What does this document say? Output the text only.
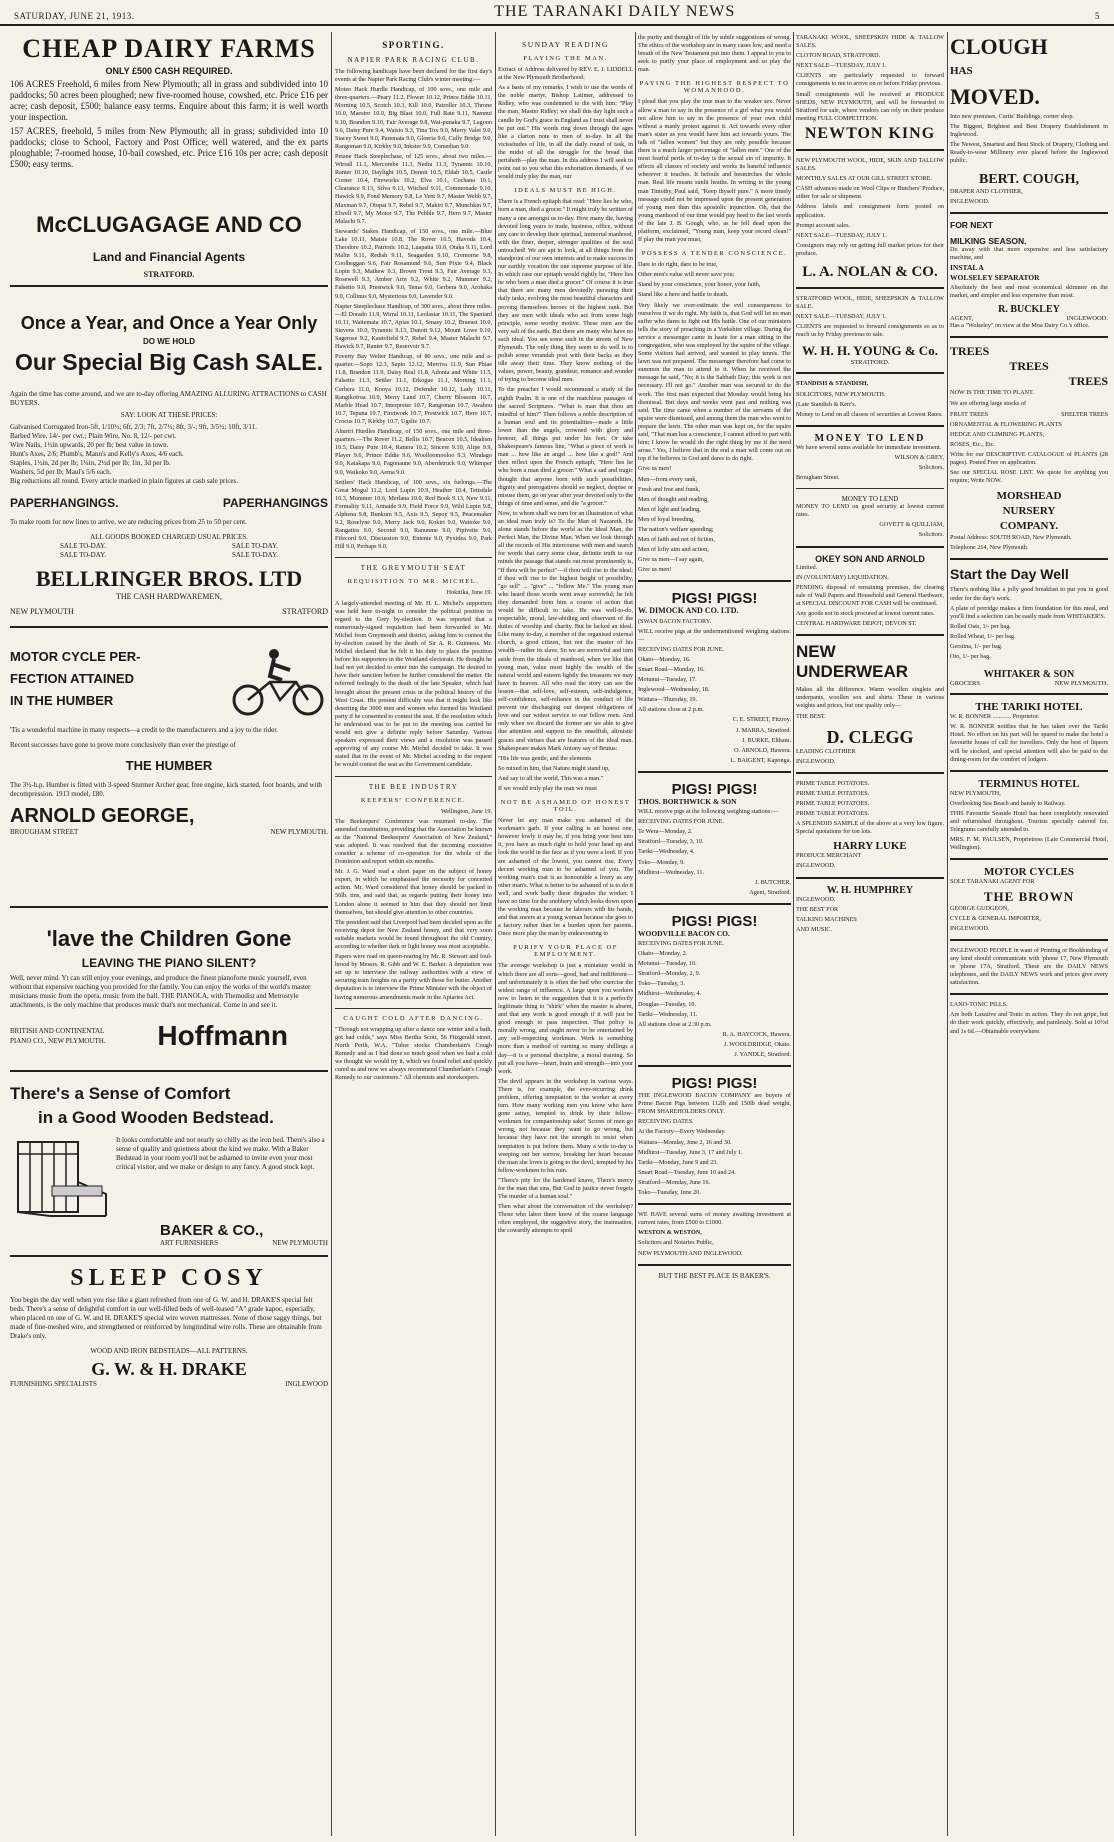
SATURDAY, JUNE 21, 1913.	THE TARANAKI DAILY NEWS	5
CHEAP DAIRY FARMS
ONLY £500 CASH REQUIRED.

106 ACRES Freehold, 6 miles from New Plymouth; all in grass and subdivided into 10 paddocks; 50 acres been ploughed; new five-roomed house, cowshed, etc. Price £16 per acre; cash deposit, £500; balance easy terms. Enquire about this farm; it is well worth your inspection.

157 ACRES, freehold, 5 miles from New Plymouth; all in grass; subdivided into 10 paddocks; close to School, Factory and Post Office; well watered, and the ex parts ploughable; 7-roomed house, 10-bail cowshed, etc. Price £16 10s per acre; cash deposit £500; easy terms.

McCLUGAGAGE AND CO
Land and Financial Agents
STRATFORD.
Once a Year, and Once a Year Only
DO WE HOLD
Our Special Big Cash SALE.

Again the time has come around, and we are to-day offering AMAZING ALLURING ATTRACTIONS to CASH BUYERS.

SAY: LOOK AT THESE PRICES:

Galvanised Corrugated Iron-5ft, 1/10½; 6ft, 2/3; 7ft, 2/7½; 8ft, 3/-; 9ft, 3/5½; 10ft, 3/11.

Barbed Wire, 14/- per cwt.; Plain Wire, No. 8, 12/- per cwt.

Wire Nails, 1½in upwards, 20 per lb; best value in town.

Hunt's Axes, 2/6; Plumb's, Mann's and Kelly's Axes, 4/6 each.

Staples, 1½in, 2d per lb; 1¼in, 2½d per lb; 1in, 3d per lb.

Washers, 5d per lb; Maul's 5/6 each.

Big reductions all round. Every article marked in plain figures at cash sale prices.

PAPERHANGINGS.	PAPERHANGINGS

To make room for new lines to arrive, we are reducing prices from 25 to 50 per cent.

ALL GOODS BOOKED CHARGED USUAL PRICES.
SALE TO-DAY.	SALE TO-DAY.
SALE TO-DAY.	SALE TO-DAY.
BELLRINGER BROS. LTD
THE CASH HARDWAREMEN,
NEW PLYMOUTH	STRATFORD
MOTOR CYCLE PER-
FECTION ATTAINED
IN THE HUMBER

'Tis a wonderful machine in many respects—a credit to the manufacturers and a joy to the rider.

Recent successes have gone to prove more conclusively than ever the prestige of

THE HUMBER

The 3½-h.p. Humber is fitted with 3-speed Sturmer Archer gear, free engine, kick started, foot boards, and with decompression. 1913 model, £80.

ARNOLD GEORGE,
BROUGHAM STREET	NEW PLYMOUTH.
'lave the Children Gone
LEAVING THE PIANO SILENT?

Well, never mind. Yt can still enjoy your evenings, and produce the finest pianoforte music yourself, even without that expensive teaching you provided for the family. You can enjoy the works of the world's master musicians music from the opera, music from the hall. THE PIANOLA, with Themodist and Metrostyle attachments, is the only machine that produces music that's not mechanical. Come in and see it.

BRITISH AND CONTINENTAL
PIANO CO., NEW PLYMOUTH. Hoffmann
There's a Sense of Comfort
in a Good Wooden Bedstead.

It looks comfortable and not nearly so chilly as the iron bed. There's also a sense of quality and quietness about the kind we make. With a Baker Bedstead in your room you'll not be ashamed to invite even your most critical visitor, and we make or design to any fancy. A good stock kept.

BAKER & CO.,
ART FURNISHERS	NEW PLYMOUTH
SLEEP COSY

You begin the day well when you rise like a giant refreshed from one of G. W. and H. DRAKE'S special felt beds. There's a sense of delightful comfort in our well-filled beds of well-teased "A" grade kapoc, especially, when placed on one of G. W. and H. DRAKE'S special wire woven mattresses. None of those saggy things, but made of fine-meshed wire, and strengthened or reinforced by longitudinal wire rolls. These are obtainable from Drake's only.

WOOD AND IRON BEDSTEADS—ALL PATTERNS.
G. W. & H. DRAKE
FURNISHING SPECIALISTS	INGLEWOOD
SPORTING.
NAPIER PARK RACING CLUB.

The following handicaps have been declared for the first day's events at the Napier Park Racing Club's winter meeting:—

Moteo Hack Hurdle Handicap, of 100 sovs., one mile and three-quarters.—Peary 11.2, Flower 10.12, Prince Eddie 10.11, Morning 10.5, Scotch 10.3, Kill 10.0, Patroller 10.3, Throne 10.0, Maestro 10.0, Big Blast 10.0, Full Rate 9.11, Namnui 9.10, Brandon 9.10, Fair Average 9.8, Wai-punaka 9.7, Lagoon 9.6, Daisy Pure 9.4, Waisio 9.3, Tina Tox 9.0, Merry Valet 9.0, Stacey Sweet 9.0, Paremata 9.0, Gloeria 9.0, Cully Bridge 9.0, Rangoman 9.0, Kirkby 9.0, Inkster 9.0, Comedian 9.0.

Petane Hack Steeplechase, of 125 sovs., about two miles.—Wirrall 11.1, Mercombe 11.3, Nedra 11.3, Tyrannic 10.10, Ranter 10.10, Daylight 10.5, Dennit 10.5, Eldah 10.5, Castle Corner 10.4, Fireworks 10.2, Elva 10.1, Cochana 10.1, Clearance 9.13, Silva 9.13, Witched 9.11, Commonade 9.10, Hawick 9.9, Fond Memory 9.8, Le Vent 9.7, Master Webb 9.7, Maxman 9.7, Otopai 9.7, Rebel 9.7, Makiri 9.7, Munchkin 9.7, Elwell 9.7, My Motor 9.7, The Pebble 9.7, Hero 9.7, Master Malachi 9.7.

Stewards' Stakes Handicap, of 150 sovs., one mile.—Blue Lake 10.11, Maisie 10.8, The Rover 10.5, Havoda 10.4, Theodore 10.2, Patriotic 10.2, Luapaiia 10.0, Otaka 9.11, Lord Malin 9.11, Redish 9.11, Seagarden 9.10, Cremorne 9.8, Coolbeggan 9.6, Fair Rosamund 9.6, Sun Pixie 9.4, Black Lopin 9.3, Mathew 9.3, Brown Trout 9.3, Fair Average 9.3, Rosewell 9.3, Amber Arm 9.2, White 9.2, Mummer 9.2, Falsetto 9.0, Prestwick 9.0, Tema 9.0, Gerbera 9.0, Arohaka 9.0, Collinus 9.0, Mysterious 9.0, Lavender 9.0.

Napier Steeplechase Handicap, of 300 sovs., about three miles.—El Dorado 11.9, Wirral 10.11, Leolastar 10.11, The Spaniard 10.11, Waitemata 10.7, Apias 10.1, Smasy 10.2, Braeust 10.0, Stevens 10.0, Tyrannic 9.13, Dunott 9.12, Mount Lowe 9.10, Sagerose 9.2, Kautofield 9.7, Rebel 9.4, Master Malachi 9.7, Hawick 9.7, Ranter 9.7, Reservoir 9.7.

Poverty Bay Welter Handicap, of 80 sovs., one mile and a-quarter.—Sopo 12.3, Sapio 12.12, Merriva 11.9, Sun Phiae 11.8, Brandon 11.9, Daisy Real 11.8, Adonia and White 11.5, Falsetto 11.3, Settler 11.1, Erkogue 11.1, Morning 11.1, Cerbera 11.0, Kooya 10.12, Defender 10.12, Lady 10.11, Rangikoiroa 10.9, Merry Land 10.7, Cherry Blossom 10.7, Marble Head 10.7, Interpreter 10.7, Rangoman 10.7, Awahou 10.7, Tepuna 10.7, Firetwork 10.7, Prestwick 10.7, Hero 10.7, Crocus 10.7, Kirkby 10.7, Ugslie 10.7.

Ahuriri Hurdles Handicap, of 150 sovs., one mile and three-quarters.—The Rover 11.2, Bellis 10.7, Beacon 10.5, Idealism 10.5, Daisy Pure 10.4, Ranera 10.2, Sincere 9.10, Alipe 9.9, Player 9.6, Prince Eddie 9.6, Woolloomooloo 9.3, Windago 9.0, Kaiakapa 9.0, Fagonaune 9.0, Aberdstruck 9.0, Whimper 9.0, Waikoko 9.0, Aema 9.0.

Settlers' Hack Handicap, of 100 sovs., six furlongs.—The Great Mogul 11.2, Lord Lupin 10.9, Heather 10.4, Tetisdale 10.3, Mummer 10.6, Merlana 10.0, Red Book 9.13, New 9.11, Formality 9.11, Annaide 9.9, Field Force 9.9, Wild Lupin 9.8, Alphena 9.8, Bunkum 9.5, Axis 9.5, Sepoy 9.5, Peacemaker 9.2, Roselyne 9.0, Merry Jack 9.0, Kokiri 9.0, Waitoke 9.0, Rangatira 9.0, Second 9.0, Ranunme 9.0, Pipivette 9.0, Fifecord 9.0, Discussion 9.0, Entente 9.0, Pyxidea 9.0, Park Hill 9.0, Perhaps 9.0.

THE GREYMOUTH SEAT
REQUISITION TO MR. MICHEL.

Hokitika, June 19.

A largely-attended meeting of Mr. H. L. Michel's supporters was held here to-night to consider the political position in regard to the Grey by-election. It was reported that a numerously-signed requisition had been forwarded to Mr. Michel from Greymouth and district, asking him to contest the by-election caused by the death of Sir A. R. Guinness. Mr. Michel declared that he felt it his duty to place the position before his supporters in the Westland electorate. He thought he had not yet decided to enter into the campaign. He desired to have their sanction before he further considered the matter. He referred feelingly to the death of the late Speaker, which had brought about the present crisis in the political history of the West Coast. His present difficulty was that it might look like deserting the 3000 men and women who formed his Westland party if he consented to contest the seat. If the resolution which he understood was to be put to the meeting was carried he would not give a definite reply before Saturday. Various speakers expressed their views and a resolution was passed approving of any course Mr. Michel decided to take. It was stated that in the event of Mr. Michel acceding to the request he would contest the seat as the Government candidate.

THE BEE INDUSTRY
KEEPERS' CONFERENCE.

Wellington, June 19.

The Beekeepers' Conference was resumed to-day. The amended constitution, providing that the Association be known as the "National Beekeepers' Association of New Zealand," was adopted. It was resolved that the incoming executive consider a scheme of co-operation for the whole of the Dominion and report within six months.

Mr. J. G. Ward read a short paper on the subject of honey export, in which he emphasised the necessity for concerted action. Mr. Ward considered that honey should be packed in 56lb. tins, and said that, as regards putting their honey into London alone it seemed to him that they should not limit themselves, but should give attention to other countries.

The president said that Liverpool had been decided upon as the receiving depot for New Zealand honey, and that very soon suitable markets would be found throughout the old Country, according to whether dark or light honey was most acceptable.

Papers were read on queen-rearing by Mr. R. Stewart and foul-brood by Messrs. R. Gibb and W. E. Barker. A deputation was set up to interview the railway authorities with a view of securing train freights on a parity with those for butter. Another deputation is to interview the Prime Minister with the object of having numerous amendments made in the Apiaries Act.

CAUGHT COLD AFTER DANCING.

"Through not wrapping up after a dance one winter and a bath, got bad colds," says Miss Bertha Scott, 56 Fitzgerald street, North Perth, W.A. "Tuber stocks Chamberlain's Cough Remedy and as I had done so much good when we had a cold we thought we would try it, which we found relief and quickly cured us and now we always recommend Chamberlain's Cough Remedy to our customers." All chemists and storekeepers.

SUNDAY READING
PLAYING THE MAN.

Extract of Address delivered by REV. E. J. LIDDELL at the New Plymouth Brotherhood.

As a basis of my remarks, I wish to use the words of the noble martyr, Bishop Latimer, addressed to Ridley, who was condemned to die with him: "Play the man, Master Ridley; we shall this day light such a candle by God's grace in England as I trust shall never be put out." His words ring down through the ages like a clarion note to men of to-day. In all the vicissitudes of life, in all the daily round of task, in the midst of all the struggle for the bread that perisheth—play the man. In this address I will seek to point out to you what this exhortation demands, if we would truly play the man, our

IDEALS MUST BE HIGH.

There is a French epitaph that read: "Here lies he who, born a man, died a grocer." It might truly be written of many a one amongst us to-day. How many die, having devoted long years to trade, business, office, without any care to develop their spiritual, immortal manhood, with the finer, deeper, stronger qualities of the soul untouched! We are apt to look, at all things from the standpoint of our own interests and to make success in our earthly vocation the one supreme purpose of life. In which case our epitaph would rightly be, "Here lies he who born a man died a grocer." Of course it is true that there are many men devotedly pursuing their daily tasks, evolving the most beautiful characters and proving themselves heroes of the highest rank. But they are men with ideals who act from some high principle, some worthy motive. These men are the very salt of the earth. But there are many who have no such ideal. You see some such in the streets of New Plymouth. The only thing they seem to do well is to polish some verandah post with their backs as they idle away their time. They know nothing of the values, power, beauty, grandeur, romance and wonder of trying to become ideal men.

To the preacher I would recommend a study of the eighth Psalm. It is one of the matchless passages of the sacred Scriptures. "What is man that thou art mindful of him?" Then follows a noble description of a human soul and its potentialities—made a little lower than the angels, crowned with glory and honour, all things put under his feet. Or take Shakespeare's famous line, "What a piece of work is man ... how like an angel ... how like a god!" And then reflect upon the French epitaph, "Here lies he who born a man died a grocer." What a sad and tragic thought that anyone born with such possibilities, dignity and prerogatives should so neglect, despise or misuse them, go on year after year devoted only to the things of time and sense, and die "a grocer."

Now, to whom shall we turn for an illustration of what an ideal man truly is? To the Man of Nazareth. He alone stands before the world as the Ideal Man, the Perfect Man, the Divine Man. When we look through all the records of His intercourse with men and search for words that carry some clear, definite truth to our minds the passage that stands out most prominently is, "If thou wilt be perfect"—if thou wilt rise to the ideal; if thou wilt rise to the highest height of possibility, "go sell" ... "give" ... "follow Me." The young man who heard those words went away sorrowful; he felt they demanded from him a course of action that would be difficult to take. He was well-to-do, respectable, moral, law-abiding and observant of the duties of worship and charity. But he lacked an ideal. Like many to-day, a member of the organised external church, a good citizen, but not the master of his wealth—rather its slave. So we are sorrowful and turn aside from the ideals of manhood, when we like that young man, value most highly the wealth of the natural world and esteem lightly the treasures we may have in heaven. All who read the story can see the lesson—that self-love, self-esteem, self-indulgence, self-confidence, self-reliance in the conduct of life prevent our discharging our deepest obligations of love and our widest service to our fellow men. And only when we discard the former are we able to give due attention and support to the unselfish, altruistic graces and virtues that are features of the ideal man. Shakespeare makes Mark Antony say of Brutus:

"His life was gentle, and the elements

So mixed in him, that Nature might stand up,

And say to all the world, This was a man."

If we would truly play the man we must

NOT BE ASHAMED OF HONEST TOIL.

Never let any man make you ashamed of the workman's garb. If your calling is an honest one, however lowly it may be, if you bring your best into it, you have as much right to hold your head up and look the world in the face as if you were a lord. If you are ashamed of the lowest, you cannot rise. Every decent working man to be ashamed of you. The working man's coat is as honourable a livery as any other man's. What is better to be ashamed of is to do it well, and work badly these degrades the worker. I have no time for the snobbery which looks down upon the working man because he labours with his hands, and that sneers at a young woman because she goes to a factory rather than be a burden upon her parents. Once more play the man by endeavouring to

PURIFY YOUR PLACE OF EMPLOYMENT.

The average workshop is just a miniature world in which there are all sorts—good, bad and indifferent—and unfortunately it is often the bad who exercise the widest range of influence. A large upon you workers now to listen to the suggestion that it is a perfectly legitimate thing to "shirk" when the master is absent, and that any work is good enough if it will just be good enough to pass inspection. That policy is morally wrong, and ought never to be entertained by any self-respecting workman. Work is something more than a method of earning so many shillings a day—it is a personal discipline, a moral training. So put all you have—heart, brain and strength—into your work.

The devil appears in the workshop in various ways. There is, for example, the ever-recurring drink problem, offering temptation to the worker at every turn. How many working men you know who have gone astray, tempted to drink by their fellow-workmen for companionship sake! Scores of men go wrong, not because they want to go wrong, but because they have not the strength to resist when temptation is put before them. Many a wife to-day is weeping out her sorrow, breaking her heart because the man she loves is going to the devil, tempted by his fellow-workmen to his ruin.

"There's pity for the hardened knave, There's mercy for the man that sins, But God in justice never forgets The murder of a human soul."

Then what about the conversation of the workshop? Those who labor there know of the coarse language often employed, the suggestive story, the insinuation, the cowardly attempts to spoil

the purity and thought of life by subtle suggestions of wrong. The ethics of the workshop are in many cases low, and need a breath of the New Testament put into them. I appeal to you to seek to purify your place of employment and so play the man.

PAYING THE HIGHEST RESPECT TO WOMANHOOD.

I plead that you play the true man to the weaker sex. Never allow a man to say in the presence of a girl what you would not allow him to say in the presence of your own child without a manly protest against it. Act towards every other man's sister as you would have him act towards yours. The talk of "fallen women" but they are only possible because there is a much larger percentage of "fallen men." One of the most fearful perils of to-day is the sexual sin of impurity. It affects all classes of society and works its baneful influence wherever it touches. It befouls and besmirches the whole man. Real life means sunlit heaths. In writing to the young man Timothy, Paul said, "Keep thyself pure." A more timely message could not be impressed upon the present generation of young men than this apostolic injunction. Oh, that the young manhood of our time would pay heed to the last words of the late J. B. Gough, who, as he fell dead upon the platform, exclaimed, "Young man, keep your record clean!" If play the man you must,

POSSESS A TENDER CONSCIENCE.

Dare to do right, dare to be true,

Other men's value will never save you;

Stand by your conscience, your honor, your faith,

Stand like a hero and battle to death.

Very likely we over-estimate the evil consequences to ourselves if we do right. My faith is, that God will let no man suffer who dares to fight out His battle. One of our ministers tells the story of preaching in a Yorkshire village. During the service a messenger came in haste for a man sitting in the congregation, who was employed by the squire of the village. Some visitors had arrived, and wanted to play tennis. The lawn was not prepared. The messenger therefore had come to summon the man to attend to it. When he received the message he said, "No; it is the Sabbath Day; this work is not necessary. I'll not go." Another man was secured to do the work. The first man expected that Monday would bring his dismissal. But days and weeks went past and nothing was said. The time came when a number of the servants of the squire were dismissed, and among them the man who went to prepare the lawn. The other man was kept on, for the squire said, "That man has a conscience; I cannot afford to part with him; I know he would do the right thing by me if the need arose." Yes, I believe that in the end a man will come out on top if he believes in God and dares to do right.

Give us men!

Men—from every rank,

Fresh and free and frank,

Men of thought and reading,

Men of light and leading,

Men of loyal breeding,

The nation's welfare speeding;

Men of faith and not of fiction,

Men of lofty aim and action,

Give us men—I say again,

Give us men!

PIGS! PIGS!

W. DIMOCK AND CO. LTD.

(SWAN BACON FACTORY.

WILL receive pigs at the undermentioned weighing stations:—

RECEIVING DATES FOR JUNE.

Okato—Monday, 16.

Smart Road—Monday, 16.

Motunui—Tuesday, 17.

Inglewood—Wednesday, 18.

Waitara—Thursday, 19.

All stations close at 2 p.m.

C. E. STREET, Fitzroy.

J. MARRA, Stratford.

J. BURKE, Eltham.

O. ARNOLD, Hawera.

L. BAIGENT, Kaponga.

PIGS! PIGS!

THOS. BORTHWICK & SON

WILL receive pigs at the following weighing stations:—

RECEIVING DATES FOR JUNE.

Te Wera—Monday, 2.

Stratford—Tuesday, 3, 10.

Tariki—Wednesday, 4.

Toko—Monday, 9.

Midhirst—Wednesday, 11.

J. BUTCHER,

Agent, Stratford.

PIGS! PIGS!

WOODVILLE BACON CO.

RECEIVING DATES FOR JUNE.

Okato—Monday, 2.

Motunui—Tuesday, 10.

Stratford—Monday, 2, 9.

Toko—Tuesday, 3.

Midhirst—Wednesday, 4.

Douglas—Tuesday, 10.

Tariki—Wednesday, 11.

All stations close at 2.30 p.m.

R. A. HAYCOCK, Hawera.

J. WOOLDRIDGE, Okato.

J. YANDLE, Stratford.

PIGS! PIGS!

THE INGLEWOOD BACON COMPANY are buyers of Prime Bacon Pigs between 112lb and 150lb dead weight, FROM SHAREHOLDERS ONLY.

RECEIVING DATES.

At the Factory—Every Wednesday.

Waitara—Monday, June 2, 16 and 30.

Midhirst—Tuesday, June 3, 17 and July 1.

Tariki—Monday, June 9 and 23.

Smart Road—Tuesday, June 10 and 24.

Stratford—Monday, June 16.

Toko—Tuesday, June 20.

WE HAVE several sums of money awaiting investment at current rates, from £500 to £1000.

WESTON & WESTON,

Solicitors and Notaries Public,

NEW PLYMOUTH AND INGLEWOOD.

BUT THE BEST PLACE IS BAKER'S.

TARANAKI WOOL, SHEEPSKIN HIDE & TALLOW SALES.

CLOTON ROAD, STRATFORD.

NEXT SALE—TUESDAY, JULY 1.

CLIENTS are particularly requested to forward consignments to me to arrive on or before Friday previous.

Small consignments will be received at PRODUCE SHEDS, NEW PLYMOUTH, and will be forwarded to Stratford for sale, where vendors can rely on their produce meeting FULL COMPETITION.

NEWTON KING

NEW PLYMOUTH WOOL, HIDE, SKIN AND TALLOW SALES.

MONTHLY SALES AT OUR GILL STREET STORE.

CASH advances made on Wool Clips or Butchers' Produce, either for sale or shipment.

Address labels and consignment form posted on application.

Prompt account sales.

NEXT SALE—TUESDAY, JULY 1.

Consignors may rely on getting full market prices for their produce.

L. A. NOLAN & CO.

STRATFORD WOOL, HIDE, SHEEPSKIN & TALLOW SALE.

NEXT SALE—TUESDAY, JULY 1.

CLIENTS are requested to forward consignments so as to reach us by Friday previous to sale.

W. H. H. YOUNG & Co.
STRATFORD.

STANDISH & STANDISH,

SOLICITORS, NEW PLYMOUTH.

(Late Standish & Kerr's.

Money to Lend on all classes of securities at Lowest Rates.

MONEY TO LEND

We have several sums available for immediate investment.

WILSON & GREY,

Solicitors.

Brougham Street.

MONEY TO LEND

MONEY TO LEND on good security at lowest current rates.

GOVETT & QUILLIAM,

Solicitors.

OKEY SON AND ARNOLD

Limited.

IN (VOLUNTARY) LIQUIDATION.

PENDING disposal of remaining premises, the clearing sale of Wall Papers and Household and General Hardware, at SPECIAL DISCOUNT FOR CASH will be continued.

Any goods not in stock procured at lowest current rates.

CENTRAL HARDWARE DEPOT, DEVON ST.

NEW
UNDERWEAR

Makes all the difference. Warm woollen singlets and underpants, woollen sox and shirts. These in various weights and prices, but one quality only—

THE BEST.

D. CLEGG

LEADING CLOTHIER

INGLEWOOD.

PRIME TABLE POTATOES.

PRIME TABLE POTATOES.

PRIME TABLE POTATOES.

PRIME TABLE POTATOES.

A SPLENDID SAMPLE of the above at a very low figure. Special quotations for ton lots.

HARRY LUKE

PRODUCE MERCHANT

INGLEWOOD.

W. H. HUMPHREY

INGLEWOOD.

THE BEST FOR

TALKING MACHINES

AND MUSIC.

CLOUGH
HAS
MOVED.

Into new premises, Curtis' Buildings, corner shop.

The Biggest, Brightest and Best Drapery Establishment in Inglewood.

The Newest, Smartest and Best Stock of Drapery, Clothing and Ready-to-wear Millinery ever placed before the Inglewood public.

BERT. COUGH,

DRAPER AND CLOTHIER,

INGLEWOOD.

FOR NEXT
MILKING SEASON.

Do away with that more expensive and less satisfactory machine, and

INSTAL A

WOLSELEY SEPARATOR

Absolutely the best and most economical skimmer on the market, and simpler and less expensive than most.

R. BUCKLEY
AGENT,	INGLEWOOD.

Has a "Wolseley" on view at the Moa Dairy Co.'s office.

TREES
TREES
TREES

NOW IS THE TIME TO PLANT.

We are offering large stocks of

FRUIT TREES	SHELTER TREES

ORNAMENTAL & FLOWERING PLANTS

HEDGE AND CLIMBING PLANTS,

ROSES, Etc., Etc.

Write for our DESCRIPTIVE CATALOGUE of PLANTS (28 pages). Posted Free on application.

See our SPECIAL ROSE LIST. We quote for anything you require; Write NOW.

MORSHEAD
NURSERY
COMPANY.

Postal Address: SOUTH ROAD, New Plymouth.

Telephone 214, New Plymouth.

Start the Day Well

There's nothing like a jolly good breakfast to put you in good order for the day's work.

A plate of porridge makes a firm foundation for this meal, and you'll find a selection can be easily made from WHITAKER'S.

Rolled Oats, 1/- per bag.

Rolled Wheat, 1/- per bag.

Gerstina, 1/- per bag.

Oto, 1/- per bag.

WHITAKER & SON
GROCERS	NEW PLYMOUTH.
THE TARIKI HOTEL

W. R. BONNER ............ Proprietor.

W. R. BONNER notifies that he has taken over the Tariki Hotel. No effort on his part will be spared to make the hotel a favourite house of call for travellers. Only the best of liquors will be stocked, and special attention will also be paid to the dining-room for the comfort of lodgers.

TERMINUS HOTEL

NEW PLYMOUTH,

Overlooking Sea Beach and handy to Railway.

THIS Favourite Seaside Hotel has been completely renovated and refurnished throughout. Tourists specially catered for. Telegrams carefully attended to.

MRS. F. M. PAULSEN, Proprietress (Late Commercial Hotel, Wellington).

MOTOR CYCLES

SOLE TARANAKI AGENT FOR

THE BROWN

GEORGE GUDGEON,

CYCLE & GENERAL IMPORTER,

INGLEWOOD.

INGLEWOOD PEOPLE in want of Printing or Bookbinding of any kind should communicate with 'phone 17, New Plymouth or 'phone 17A, Stratford. These are the DAILY NEWS telephones, and the DAILY NEWS work and prices give every satisfaction.

LANO-TONIC PILLS.

Are both Laxative and Tonic in action. They do not gripe, but do their work quickly, effectively, and painlessly. Sold at 10½d and 1s 6d.—Obtainable everywhere.
